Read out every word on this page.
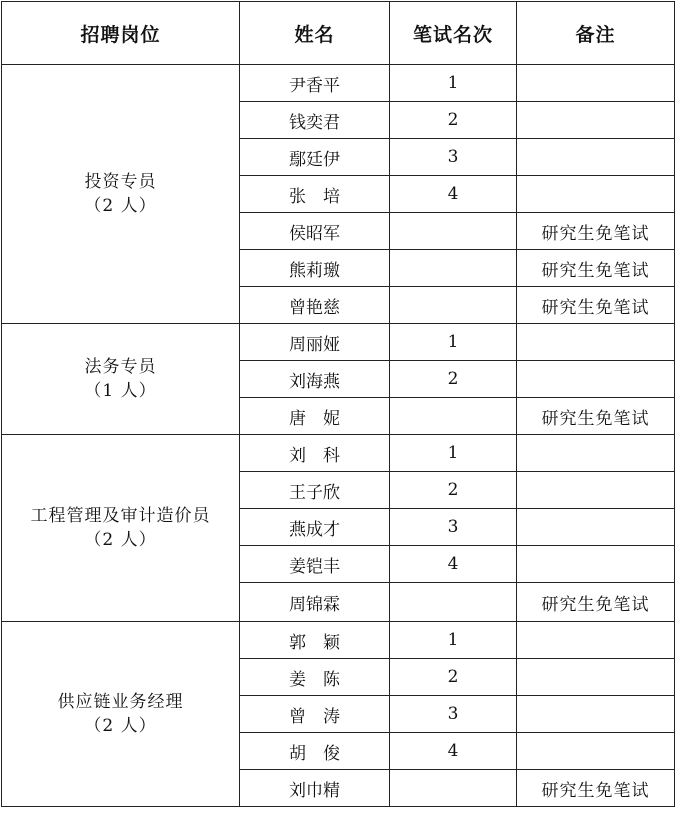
招聘岗位	姓名	笔试名次	备注

投资专员
（2 人）	尹香平	1	
	钱奕君	2	
	鄢廷伊	3	
	张　培	4	
	侯昭军		研究生免笔试
	熊莉璬		研究生免笔试
	曾艳慈		研究生免笔试

法务专员
（1 人）	周丽娅	1	
	刘海燕	2	
	唐　妮		研究生免笔试

工程管理及审计造价员
（2 人）	刘　科	1	
	王子欣	2	
	燕成才	3	
	姜铠丰	4	
	周锦霖		研究生免笔试

供应链业务经理
（2 人）	郭　颖	1	
	姜　陈	2	
	曾　涛	3	
	胡　俊	4	
	刘巾精		研究生免笔试
